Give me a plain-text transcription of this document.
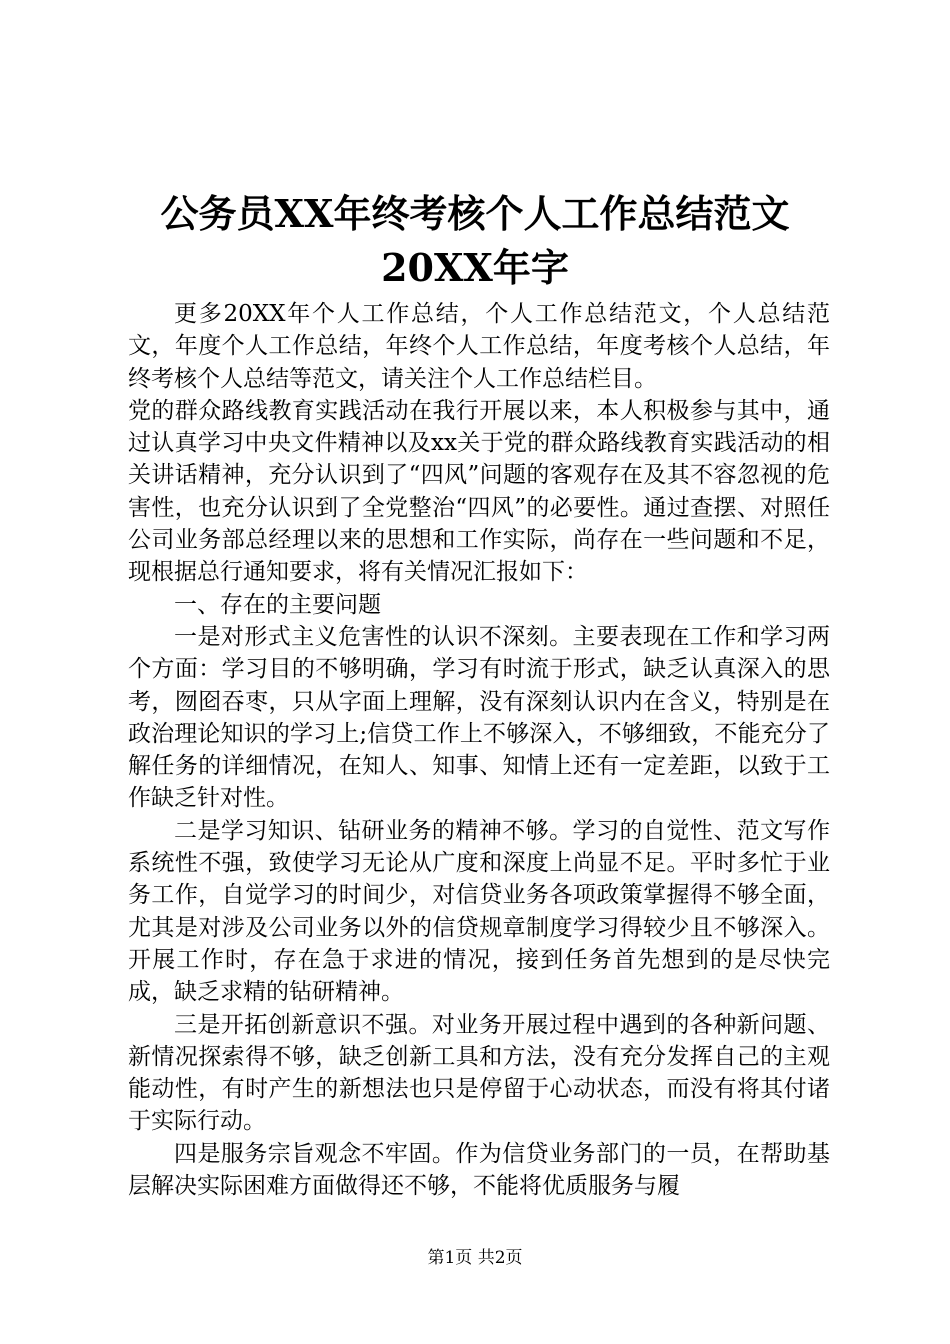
公务员XX年终考核个人工作总结范文20XX年字

更多20XX年个人工作总结，个人工作总结范文，个人总结范文，年度个人工作总结，年终个人工作总结，年度考核个人总结，年终考核个人总结等范文，请关注个人工作总结栏目。

党的群众路线教育实践活动在我行开展以来，本人积极参与其中，通过认真学习中央文件精神以及xx关于党的群众路线教育实践活动的相关讲话精神，充分认识到了“四风”问题的客观存在及其不容忽视的危害性，也充分认识到了全党整治“四风”的必要性。通过查摆、对照任公司业务部总经理以来的思想和工作实际，尚存在一些问题和不足，现根据总行通知要求，将有关情况汇报如下：

一、存在的主要问题

一是对形式主义危害性的认识不深刻。主要表现在工作和学习两个方面：学习目的不够明确，学习有时流于形式，缺乏认真深入的思考，囫囵吞枣，只从字面上理解，没有深刻认识内在含义，特别是在政治理论知识的学习上;信贷工作上不够深入，不够细致，不能充分了解任务的详细情况，在知人、知事、知情上还有一定差距，以致于工作缺乏针对性。

二是学习知识、钻研业务的精神不够。学习的自觉性、范文写作系统性不强，致使学习无论从广度和深度上尚显不足。平时多忙于业务工作，自觉学习的时间少，对信贷业务各项政策掌握得不够全面，尤其是对涉及公司业务以外的信贷规章制度学习得较少且不够深入。开展工作时，存在急于求进的情况，接到任务首先想到的是尽快完成，缺乏求精的钻研精神。

三是开拓创新意识不强。对业务开展过程中遇到的各种新问题、新情况探索得不够，缺乏创新工具和方法，没有充分发挥自己的主观能动性，有时产生的新想法也只是停留于心动状态，而没有将其付诸于实际行动。

四是服务宗旨观念不牢固。作为信贷业务部门的一员，在帮助基层解决实际困难方面做得还不够，不能将优质服务与履

第1页 共2页
